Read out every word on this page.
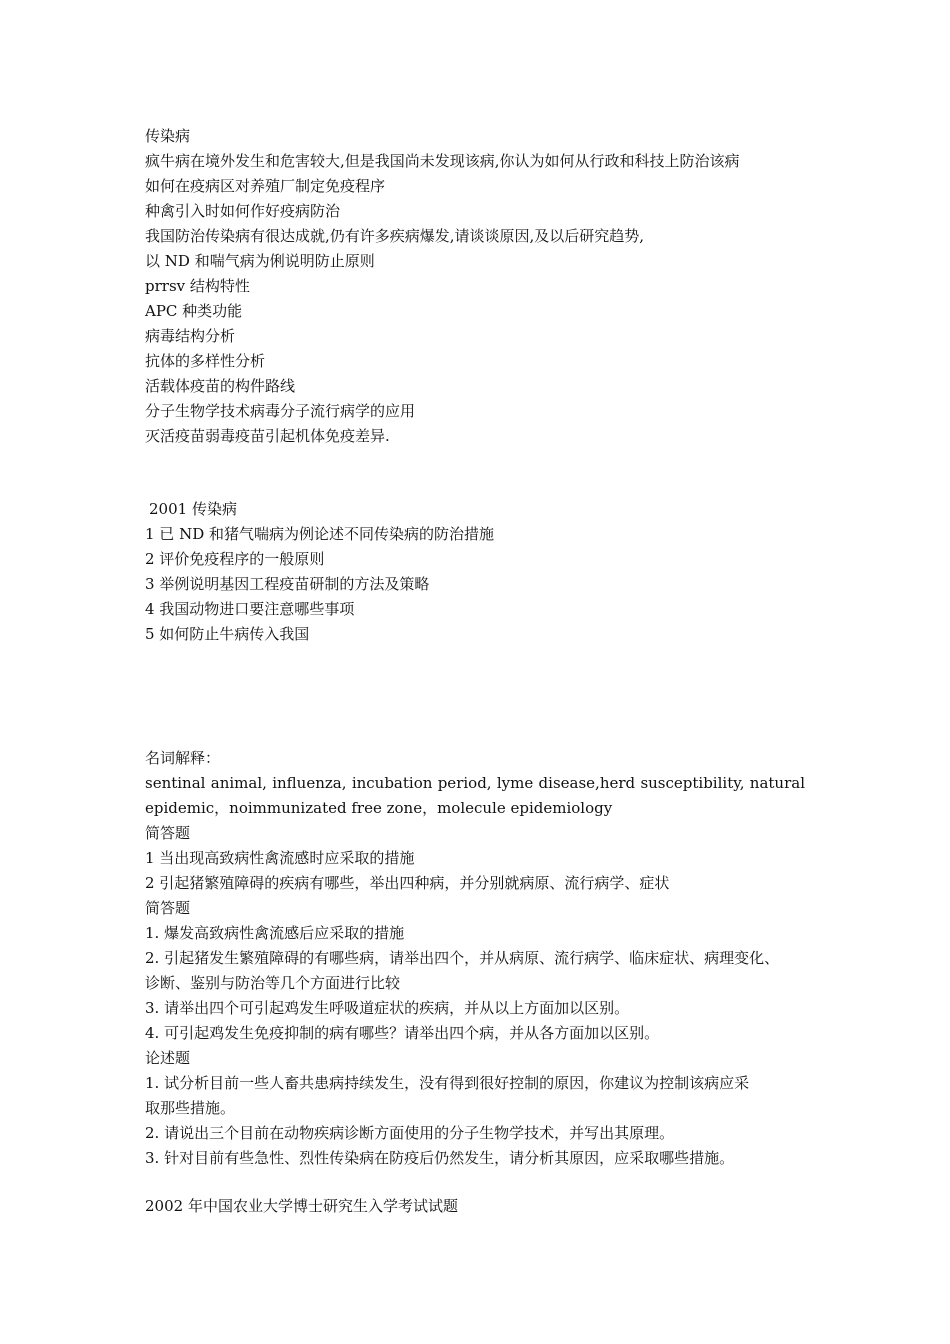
传染病
疯牛病在境外发生和危害较大,但是我国尚未发现该病,你认为如何从行政和科技上防治该病
如何在疫病区对养殖厂制定免疫程序
种禽引入时如何作好疫病防治
我国防治传染病有很达成就,仍有许多疾病爆发,请谈谈原因,及以后研究趋势,
以 ND 和喘气病为俐说明防止原则
prrsv 结构特性
APC 种类功能
病毒结构分析
抗体的多样性分析
活载体疫苗的构件路线
分子生物学技术病毒分子流行病学的应用
灭活疫苗弱毒疫苗引起机体免疫差异.
2001 传染病
1 已 ND 和猪气喘病为例论述不同传染病的防治措施
2 评价免疫程序的一般原则
3 举例说明基因工程疫苗研制的方法及策略
4 我国动物进口要注意哪些事项
5 如何防止牛病传入我国
名词解释：
sentinal animal, influenza, incubation period, lyme disease,herd susceptibility, natural
epidemic，noimmunizated free zone，molecule epidemiology
简答题
1 当出现高致病性禽流感时应采取的措施
2 引起猪繁殖障碍的疾病有哪些，举出四种病，并分别就病原、流行病学、症状
简答题
1. 爆发高致病性禽流感后应采取的措施
2. 引起猪发生繁殖障碍的有哪些病，请举出四个，并从病原、流行病学、临床症状、病理变化、
诊断、鉴别与防治等几个方面进行比较
3. 请举出四个可引起鸡发生呼吸道症状的疾病，并从以上方面加以区别。
4. 可引起鸡发生免疫抑制的病有哪些？请举出四个病，并从各方面加以区别。
论述题
1. 试分析目前一些人畜共患病持续发生，没有得到很好控制的原因，你建议为控制该病应采
取那些措施。
2. 请说出三个目前在动物疾病诊断方面使用的分子生物学技术，并写出其原理。
3. 针对目前有些急性、烈性传染病在防疫后仍然发生，请分析其原因，应采取哪些措施。
2002 年中国农业大学博士研究生入学考试试题
